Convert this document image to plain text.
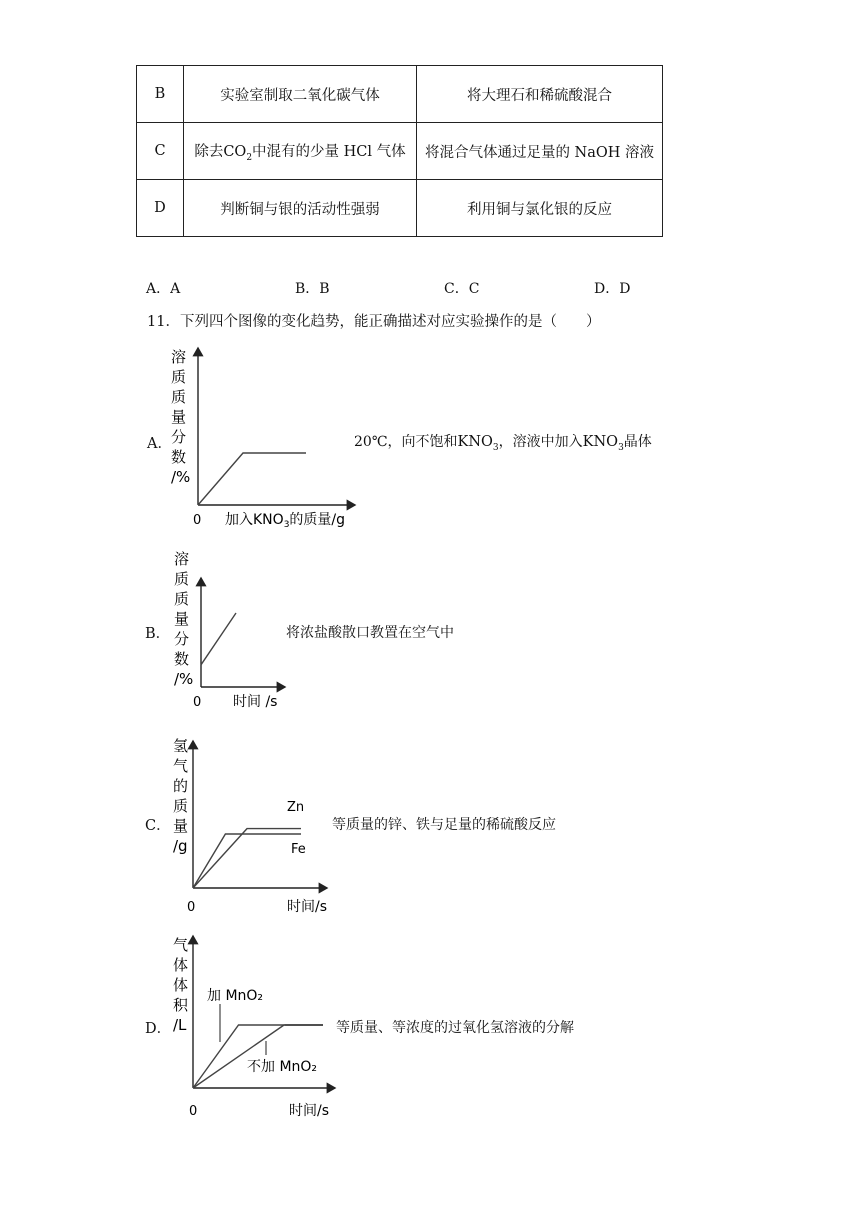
B	实验室制取二氧化碳气体	将大理石和稀硫酸混合
C	除去$CO_2$中混有的少量 HCl 气体	将混合气体通过足量的 NaOH 溶液
D	判断铜与银的活动性强弱	利用铜与氯化银的反应
A．A	B．B	C．C	D．D
11．下列四个图像的变化趋势，能正确描述对应实验操作的是（　　）
A．
溶
质
质
量
分
数
/%
0 加入$KNO_3$的质量/g
20℃，向不饱和$KNO_3$，溶液中加入$KNO_3$晶体
B．
溶
质
质
量
分
数
/%
0 时间 /s
将浓盐酸散口教置在空气中
C．
氢
气
的
质
量
/g
0	时间/s
Zn
Fe
等质量的锌、铁与足量的稀硫酸反应
D．
气
体
体
积
/L
0	时间/s
加 MnO₂
不加 MnO₂
等质量、等浓度的过氧化氢溶液的分解
